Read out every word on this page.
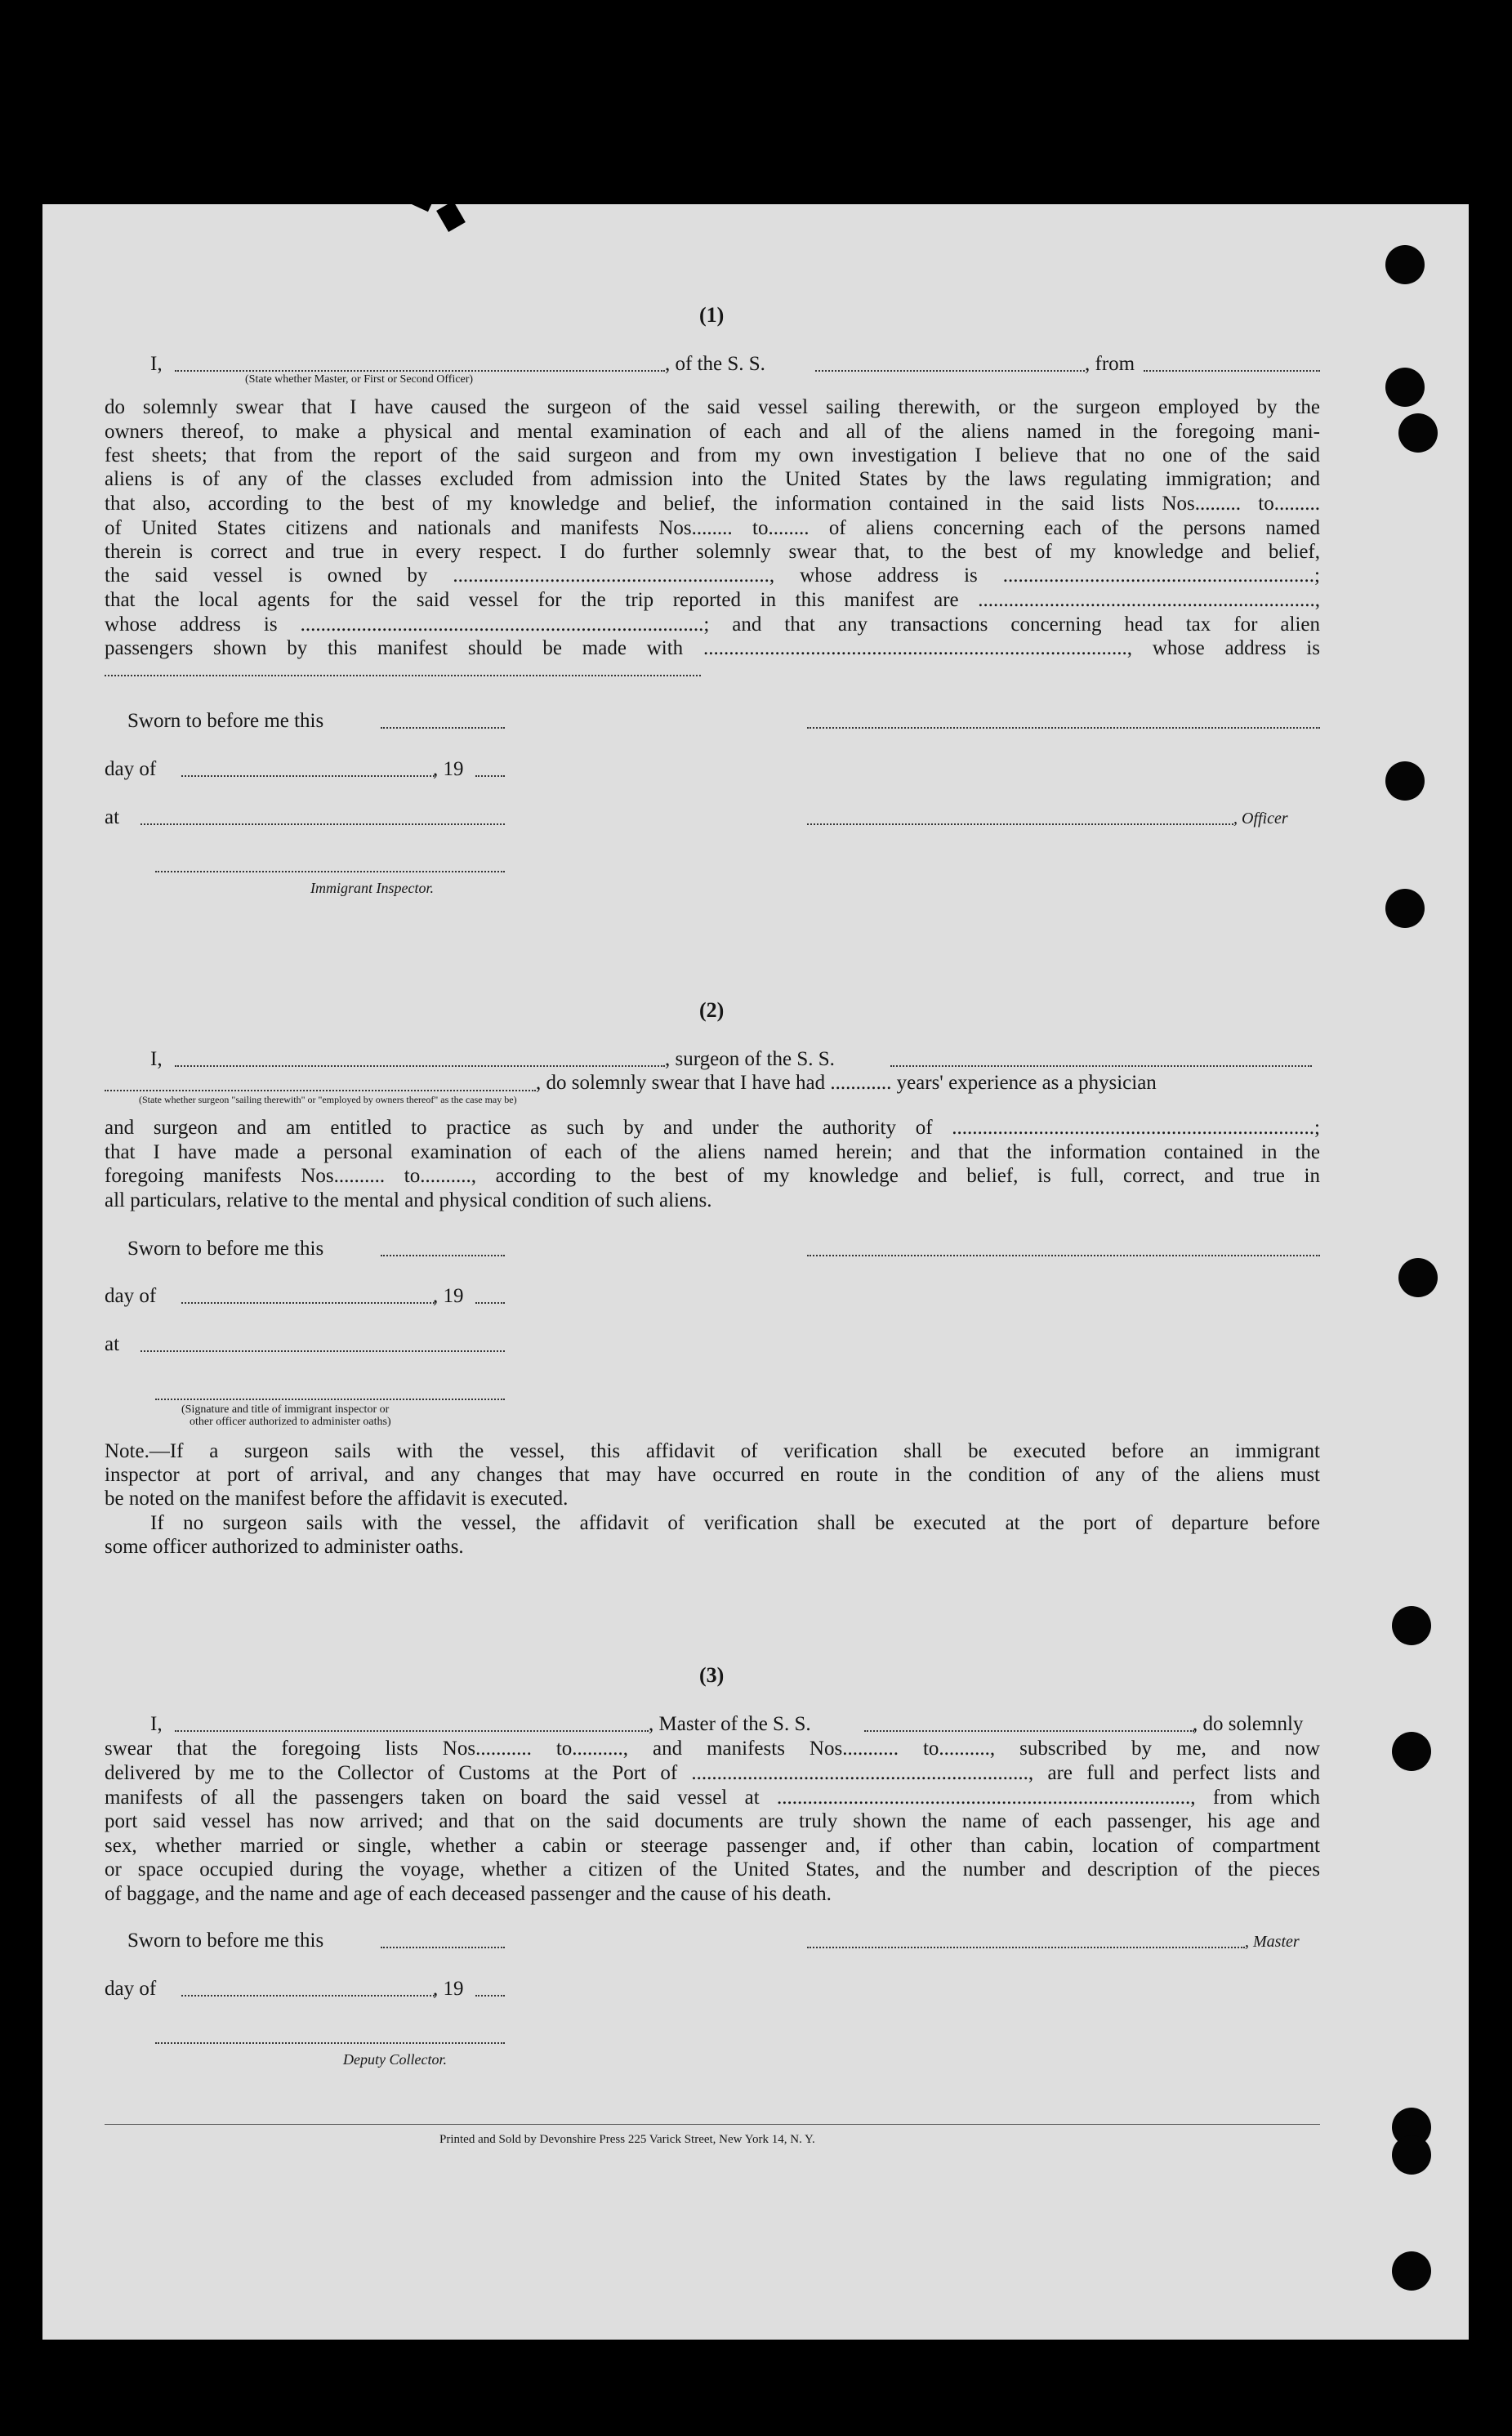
(1)
I,	, of the S. S.	, from
(State whether Master, or First or Second Officer)
do solemnly swear that I have caused the surgeon of the said vessel sailing therewith, or the surgeon employed by the
owners thereof, to make a physical and mental examination of each and all of the aliens named in the foregoing mani-
fest sheets; that from the report of the said surgeon and from my own investigation I believe that no one of the said
aliens is of any of the classes excluded from admission into the United States by the laws regulating immigration; and
that also, according to the best of my knowledge and belief, the information contained in the said lists Nos......... to.........
of United States citizens and nationals and manifests Nos........ to........ of aliens concerning each of the persons named
therein is correct and true in every respect. I do further solemnly swear that, to the best of my knowledge and belief,
the said vessel is owned by .............................................................., whose address is .............................................................;
that the local agents for the said vessel for the trip reported in this manifest are ..................................................................,
whose address is ...............................................................................; and that any transactions concerning head tax for alien
passengers shown by this manifest should be made with ..................................................................................., whose address is
Sworn to before me this
day of	, 19
at	, Officer
Immigrant Inspector.
(2)
I,	, surgeon of the S. S.
, do solemnly swear that I have had ............ years' experience as a physician
(State whether surgeon "sailing therewith" or "employed by owners thereof" as the case may be)
and surgeon and am entitled to practice as such by and under the authority of .......................................................................;
that I have made a personal examination of each of the aliens named herein; and that the information contained in the
foregoing manifests Nos.......... to.........., according to the best of my knowledge and belief, is full, correct, and true in
all particulars, relative to the mental and physical condition of such aliens.
Sworn to before me this
day of	, 19
at
(Signature and title of immigrant inspector or
other officer authorized to administer oaths)
Note.—If a surgeon sails with the vessel, this affidavit of verification shall be executed before an immigrant
inspector at port of arrival, and any changes that may have occurred en route in the condition of any of the aliens must
be noted on the manifest before the affidavit is executed.
If no surgeon sails with the vessel, the affidavit of verification shall be executed at the port of departure before
some officer authorized to administer oaths.
(3)
I,	, Master of the S. S.	, do solemnly
swear that the foregoing lists Nos........... to.........., and manifests Nos........... to.........., subscribed by me, and now
delivered by me to the Collector of Customs at the Port of .................................................................., are full and perfect lists and
manifests of all the passengers taken on board the said vessel at ................................................................................., from which
port said vessel has now arrived; and that on the said documents are truly shown the name of each passenger, his age and
sex, whether married or single, whether a cabin or steerage passenger and, if other than cabin, location of compartment
or space occupied during the voyage, whether a citizen of the United States, and the number and description of the pieces
of baggage, and the name and age of each deceased passenger and the cause of his death.
Sworn to before me this	, Master
day of	, 19
Deputy Collector.
Printed and Sold by Devonshire Press 225 Varick Street, New York 14, N. Y.
